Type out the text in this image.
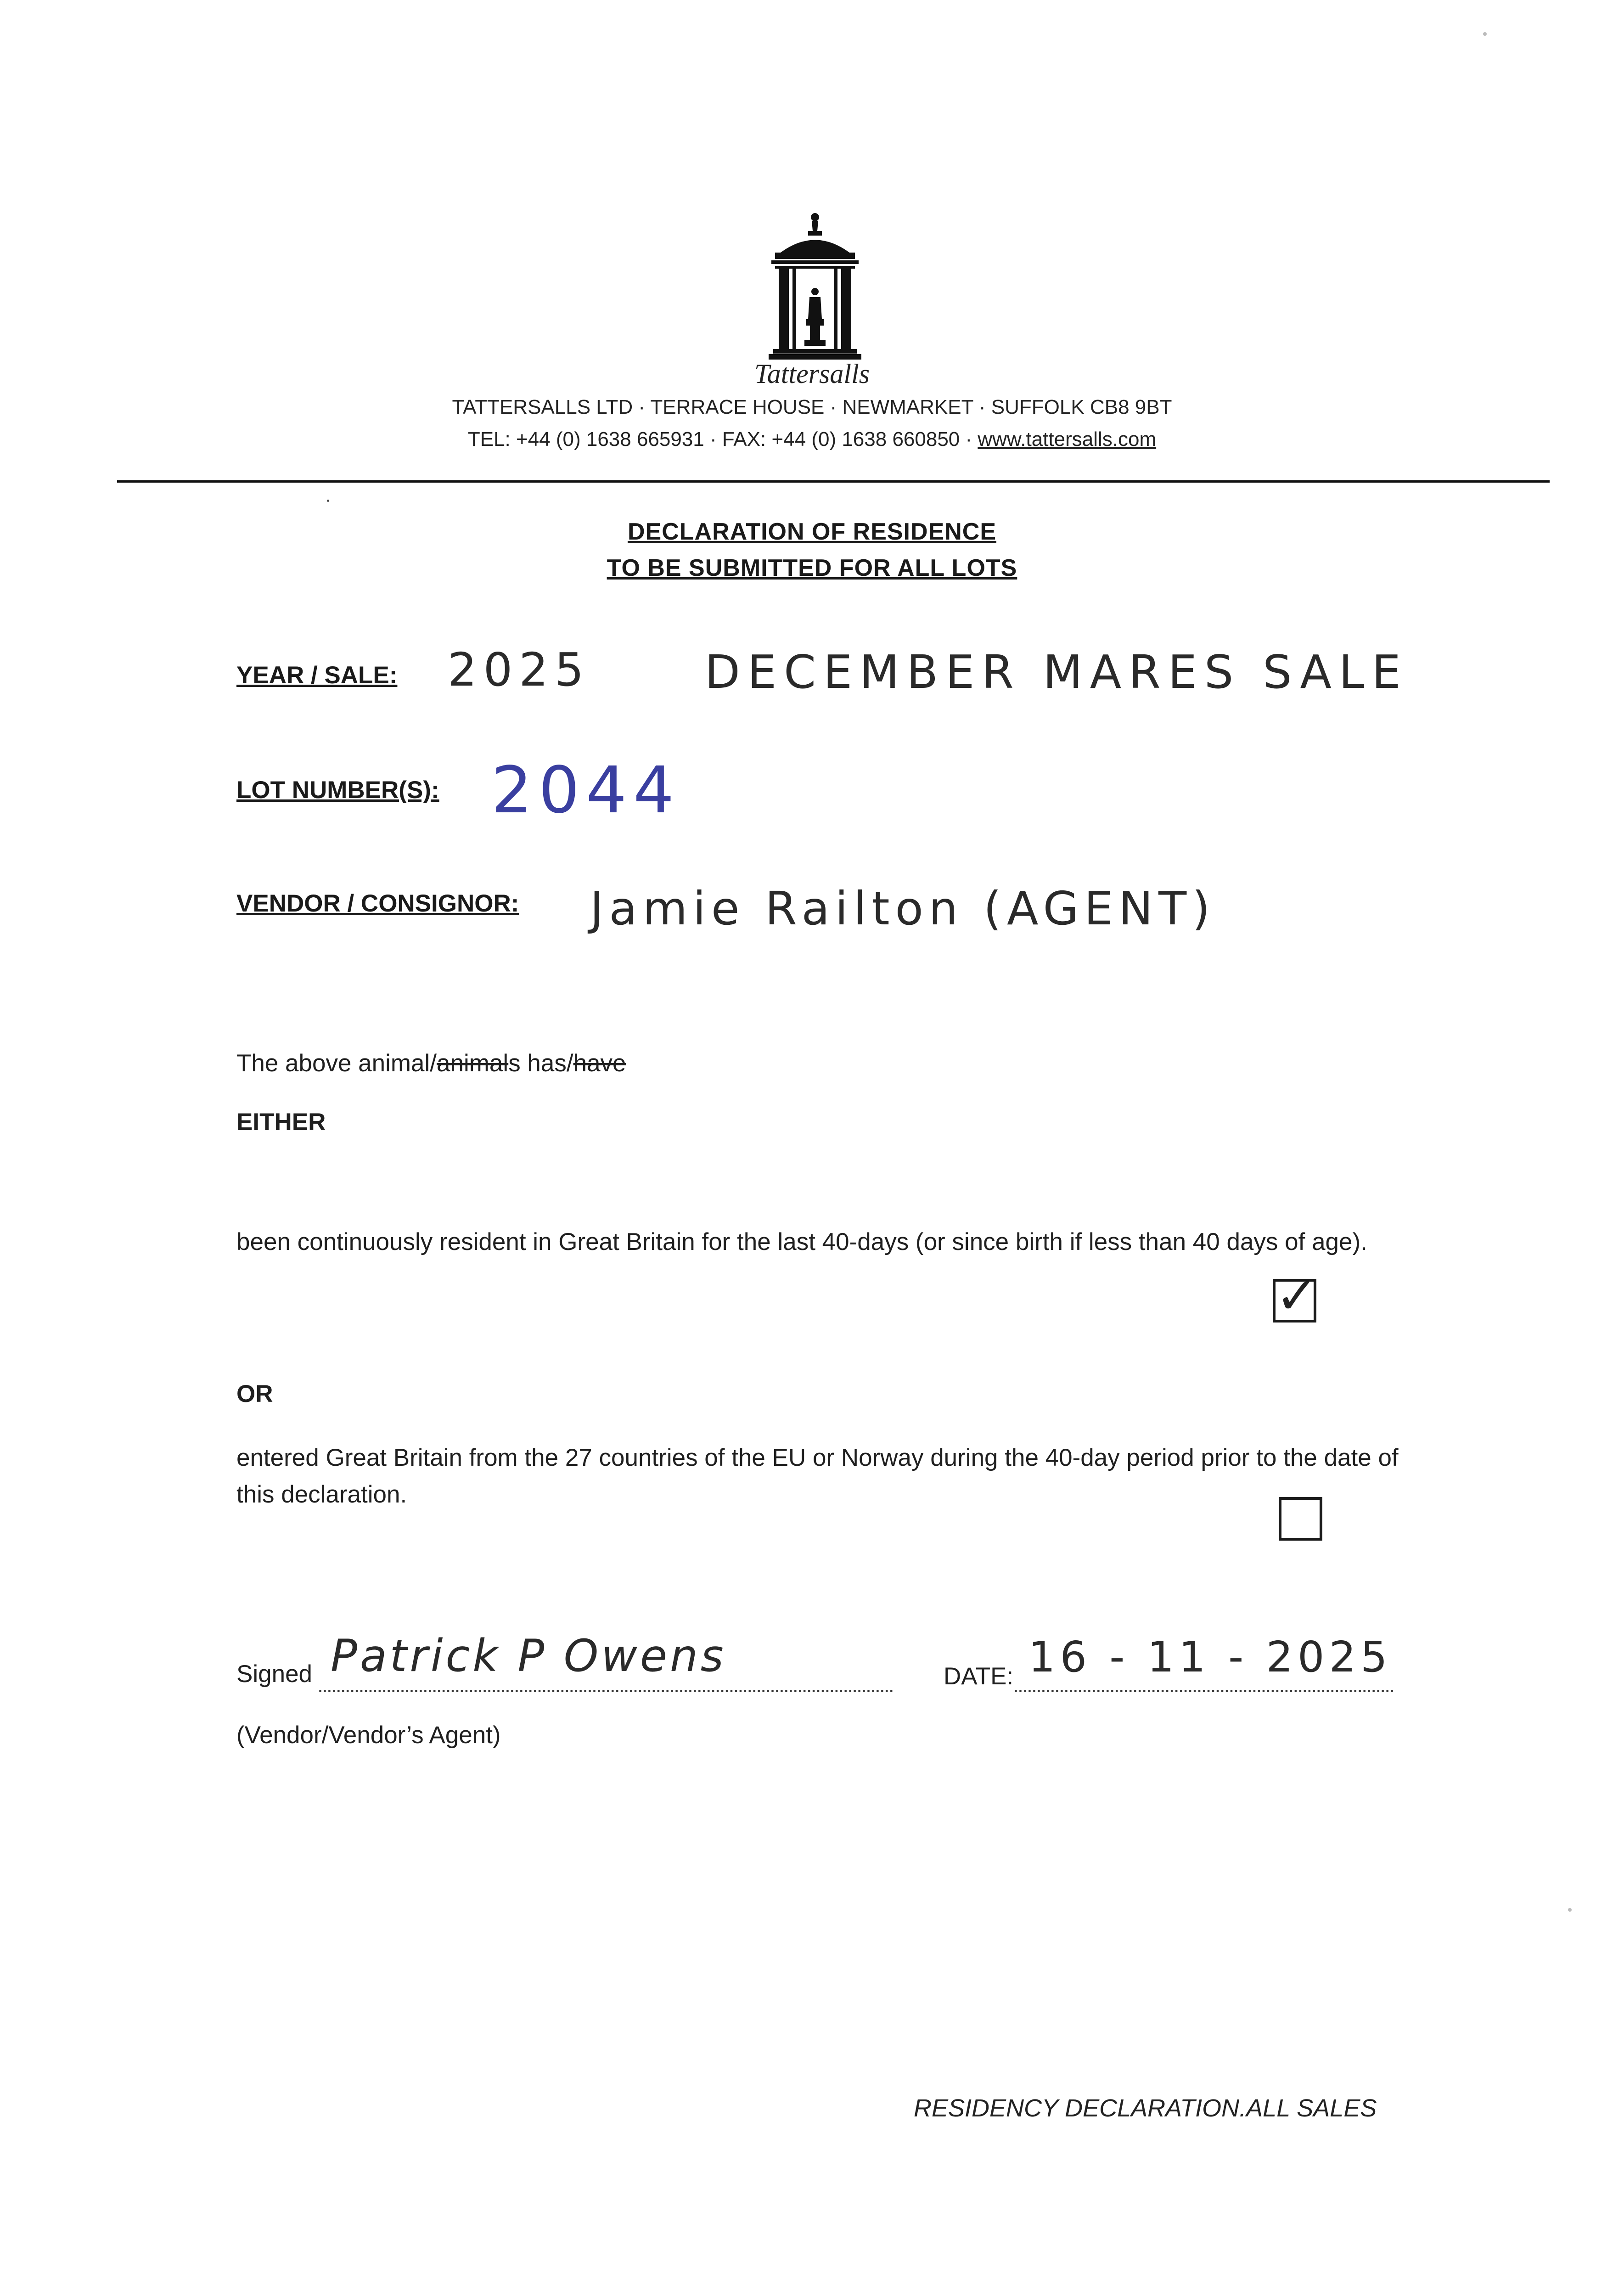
Tattersalls
TATTERSALLS LTD · TERRACE HOUSE · NEWMARKET · SUFFOLK CB8 9BT
TEL: +44 (0) 1638 665931 · FAX: +44 (0) 1638 660850 · www.tattersalls.com
DECLARATION OF RESIDENCE
TO BE SUBMITTED FOR ALL LOTS
YEAR / SALE: 2025 DECEMBER MARES SALE
LOT NUMBER(S): 2044
VENDOR / CONSIGNOR: Jamie Railton (AGENT)
The above animal/animals has/have
EITHER
been continuously resident in Great Britain for the last 40-days (or since birth if less than 40 days of age).
✓
OR
entered Great Britain from the 27 countries of the EU or Norway during the 40-day period prior to the date of this declaration.
Signed Patrick P Owens	DATE: 16 - 11 - 2025
(Vendor/Vendor’s Agent)
RESIDENCY DECLARATION.ALL SALES
